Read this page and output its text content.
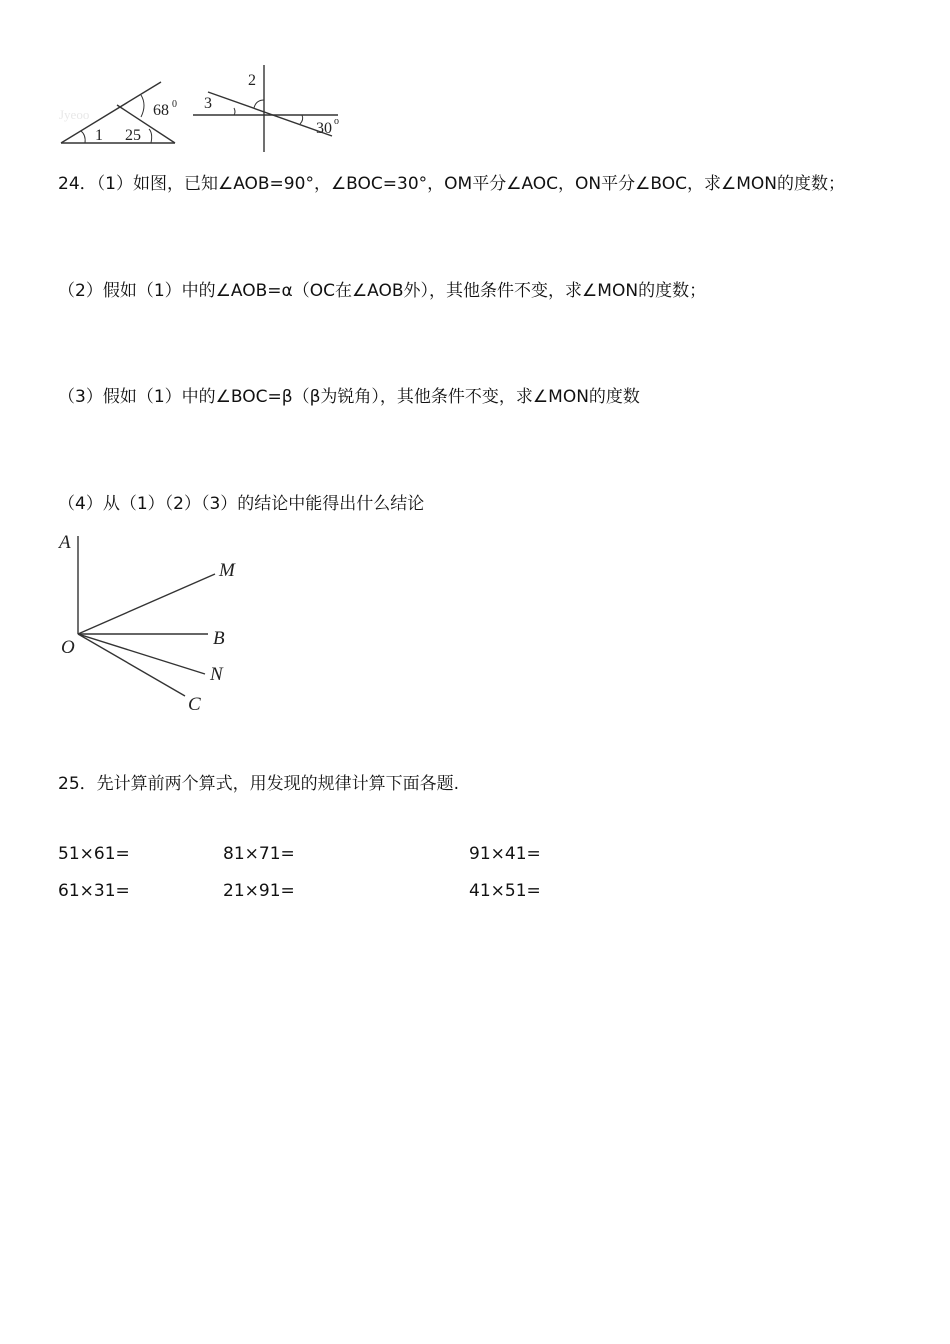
Jyeoo	68 0
1 25
2
3
30 o
24．（1）如图，已知∠AOB=90°，∠BOC=30°，OM平分∠AOC，ON平分∠BOC，求∠MON的度数；
（2）假如（1）中的∠AOB=α（OC在∠AOB外），其他条件不变，求∠MON的度数；
（3）假如（1）中的∠BOC=β（β为锐角），其他条件不变，求∠MON的度数
（4）从（1）（2）（3）的结论中能得出什么结论
A
M
O	B
N
C
25．先计算前两个算式，用发现的规律计算下面各题.
51×61=	81×71=	91×41=
61×31=	21×91=	41×51=
